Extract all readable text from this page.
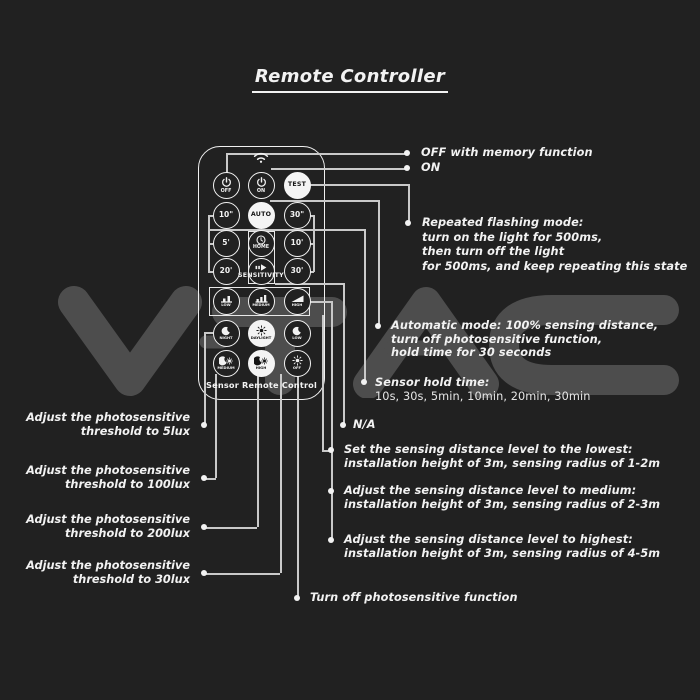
Remote Controller
Sensor Remote Control
OFF	ON
TEST
10"	AUTO 30"
5'
HOME
10'
20'
SENSITIVITY
30'
LOW	MEDIUM	HIGH
NIGHT	DAYLIGHT	LOW
MEDIUM	HIGH	OFF
OFF with memory function
ON
Repeated flashing mode:
turn on the light for 500ms,
then turn off the light
for 500ms, and keep repeating this state
Automatic mode: 100% sensing distance,
turn off photosensitive function,
hold time for 30 seconds
Sensor hold time:
10s, 30s, 5min, 10min, 20min, 30min
N/A
Set the sensing distance level to the lowest:
installation height of 3m, sensing radius of 1-2m
Adjust the sensing distance level to medium:
installation height of 3m, sensing radius of 2-3m
Adjust the sensing distance level to highest:
installation height of 3m, sensing radius of 4-5m
Turn off photosensitive function
Adjust the photosensitive
threshold to 5lux
Adjust the photosensitive
threshold to 100lux
Adjust the photosensitive
threshold to 200lux
Adjust the photosensitive
threshold to 30lux
